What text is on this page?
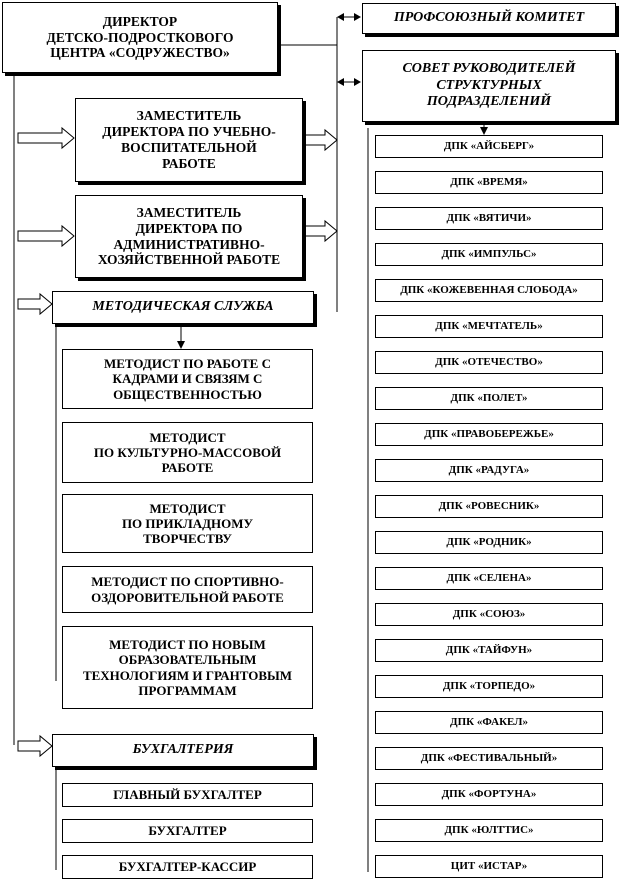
ДИРЕКТОР
ДЕТСКО-ПОДРОСТКОВОГО
ЦЕНТРА «СОДРУЖЕСТВО»
ПРОФСОЮЗНЫЙ КОМИТЕТ
СОВЕТ РУКОВОДИТЕЛЕЙ
СТРУКТУРНЫХ
ПОДРАЗДЕЛЕНИЙ
ЗАМЕСТИТЕЛЬ
ДИРЕКТОРА ПО УЧЕБНО-
ВОСПИТАТЕЛЬНОЙ
РАБОТЕ
ЗАМЕСТИТЕЛЬ
ДИРЕКТОРА ПО
АДМИНИСТРАТИВНО-
ХОЗЯЙСТВЕННОЙ РАБОТЕ
МЕТОДИЧЕСКАЯ СЛУЖБА
МЕТОДИСТ ПО РАБОТЕ С
КАДРАМИ И СВЯЗЯМ С
ОБЩЕСТВЕННОСТЬЮ
МЕТОДИСТ
ПО КУЛЬТУРНО-МАССОВОЙ
РАБОТЕ
МЕТОДИСТ
ПО ПРИКЛАДНОМУ
ТВОРЧЕСТВУ
МЕТОДИСТ ПО СПОРТИВНО-
ОЗДОРОВИТЕЛЬНОЙ РАБОТЕ
МЕТОДИСТ ПО НОВЫМ
ОБРАЗОВАТЕЛЬНЫМ
ТЕХНОЛОГИЯМ И ГРАНТОВЫМ
ПРОГРАММАМ
БУХГАЛТЕРИЯ
ГЛАВНЫЙ БУХГАЛТЕР
БУХГАЛТЕР
БУХГАЛТЕР-КАССИР
ДПК «АЙСБЕРГ»
ДПК «ВРЕМЯ»
ДПК «ВЯТИЧИ»
ДПК «ИМПУЛЬС»
ДПК «КОЖЕВЕННАЯ СЛОБОДА»
ДПК «МЕЧТАТЕЛЬ»
ДПК «ОТЕЧЕСТВО»
ДПК «ПОЛЕТ»
ДПК «ПРАВОБЕРЕЖЬЕ»
ДПК «РАДУГА»
ДПК «РОВЕСНИК»
ДПК «РОДНИК»
ДПК «СЕЛЕНА»
ДПК «СОЮЗ»
ДПК «ТАЙФУН»
ДПК «ТОРПЕДО»
ДПК «ФАКЕЛ»
ДПК «ФЕСТИВАЛЬНЫЙ»
ДПК «ФОРТУНА»
ДПК «ЮЛТТИС»
ЦИТ «ИСТАР»
